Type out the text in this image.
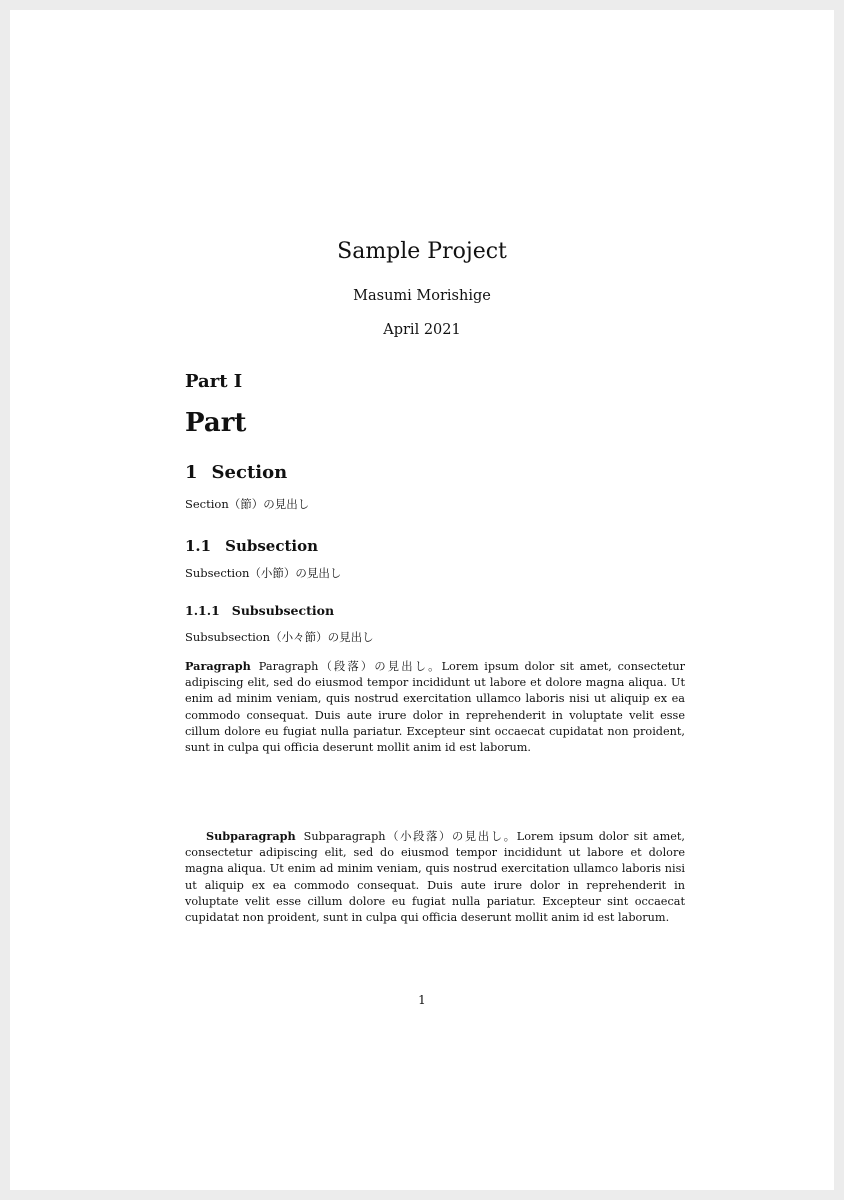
Sample Project
Masumi Morishige
April 2021
Part I
Part
1 Section
Section（節）の見出し
1.1 Subsection
Subsection（小節）の見出し
1.1.1 Subsubsection
Subsubsection（小々節）の見出し

Paragraph Paragraph（段落）の見出し。Lorem ipsum dolor sit amet, consectetur adipiscing elit, sed do eiusmod tempor incididunt ut labore et dolore magna aliqua. Ut enim ad minim veniam, quis nostrud exercitation ullamco laboris nisi ut aliquip ex ea commodo consequat. Duis aute irure dolor in reprehenderit in voluptate velit esse cillum dolore eu fugiat nulla pariatur. Excepteur sint occaecat cupidatat non proident, sunt in culpa qui officia deserunt mollit anim id est laborum.

Subparagraph Subparagraph（小段落）の見出し。Lorem ipsum dolor sit amet, consectetur adipiscing elit, sed do eiusmod tempor incididunt ut labore et dolore magna aliqua. Ut enim ad minim veniam, quis nostrud exercitation ullamco laboris nisi ut aliquip ex ea commodo consequat. Duis aute irure dolor in reprehenderit in voluptate velit esse cillum dolore eu fugiat nulla pariatur. Excepteur sint occaecat cupidatat non proident, sunt in culpa qui officia deserunt mollit anim id est laborum.

1
